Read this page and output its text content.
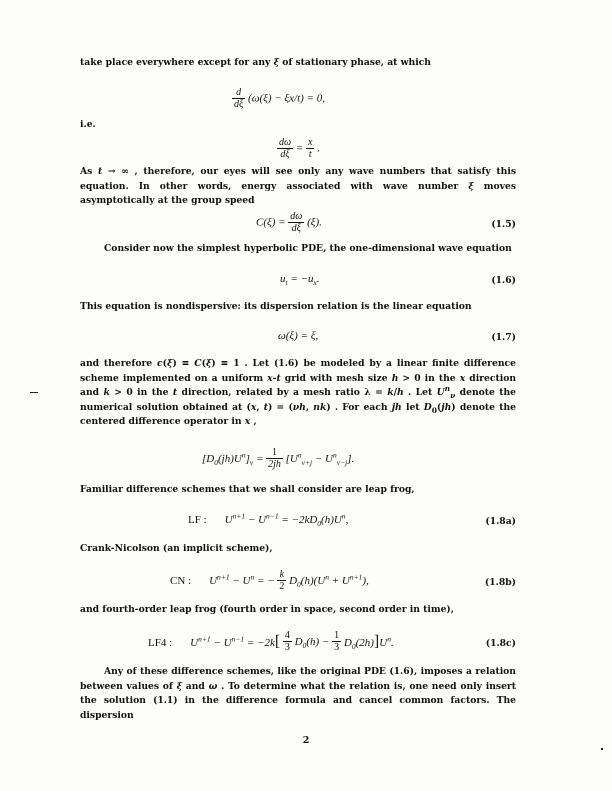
take place everywhere except for any ξ of stationary phase, at which
$\frac{d}{d\xi} (\omega(\xi) - \xi x/t) = 0$,
i.e.
$\frac{d\omega}{d\xi} = \frac{x}{t}$ .
As t → ∞ , therefore, our eyes will see only any wave numbers that satisfy this equation. In other words, energy associated with wave number ξ moves asymptotically at the group speed
$C(\xi) = \frac{d\omega}{d\xi} (\xi)$.	(1.5)
Consider now the simplest hyperbolic PDE, the one-dimensional wave equation
$u_t = -u_x$.	(1.6)
This equation is nondispersive: its dispersion relation is the linear equation
ω(ξ) = ξ,	(1.7)
and therefore c(ξ) ≡ C(ξ) ≡ 1 . Let (1.6) be modeled by a linear finite difference scheme implemented on a uniform x-t grid with mesh size h > 0 in the x direction and k > 0 in the t direction, related by a mesh ratio λ = k/h . Let $U^n_\nu$ denote the numerical solution obtained at (x, t) = (νh, nk) . For each jh let $D_0(jh)$ denote the centered difference operator in x ,
$[D_0(jh)U^n]_\nu = \frac{1}{2jh} [U^n_{\nu+j} - U^n_{\nu-j}]$.
Familiar difference schemes that we shall consider are leap frog,
LF : $U^{n+1} - U^{n-1} = -2kD_0(h)U^n$,	(1.8a)
Crank-Nicolson (an implicit scheme),
CN : $U^{n+1} - U^n$ = − $\frac{k}{2} D_0(h)(U^n + U^{n+1})$,	(1.8b)
and fourth-order leap frog (fourth order in space, second order in time),
LF4 : $U^{n+1} - U^{n-1} = -2k[ \frac{4}{3} D_0(h) - \frac{1}{3} D_0(2h)]U^n$.	(1.8c)
Any of these difference schemes, like the original PDE (1.6), imposes a relation between values of ξ and ω . To determine what the relation is, one need only insert the solution (1.1) in the difference formula and cancel common factors. The dispersion
2
